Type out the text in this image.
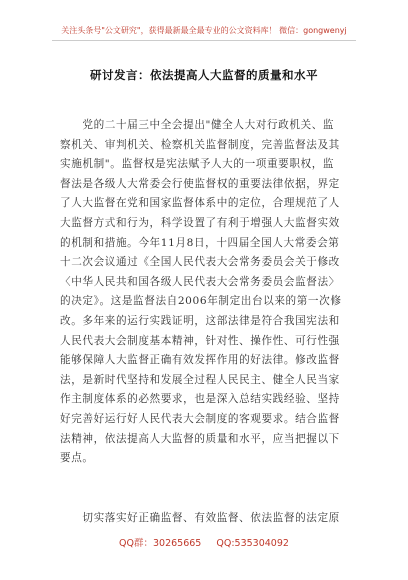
关注头条号"公文研究"，获得最新最全最专业的公文资料库！ 微信：gongwenyj
研讨发言：依法提高人大监督的质量和水平
　　党的二十届三中全会提出"健全人大对行政机关、监
察机关、审判机关、检察机关监督制度，完善监督法及其
实施机制"。监督权是宪法赋予人大的一项重要职权，监
督法是各级人大常委会行使监督权的重要法律依据，界定
了人大监督在党和国家监督体系中的定位，合理规范了人
大监督方式和行为，科学设置了有利于增强人大监督实效
的机制和措施。今年11月8日，十四届全国人大常委会第
十二次会议通过《全国人民代表大会常务委员会关于修改
〈中华人民共和国各级人民代表大会常务委员会监督法〉
的决定》。这是监督法自2006年制定出台以来的第一次修
改。多年来的运行实践证明，这部法律是符合我国宪法和
人民代表大会制度基本精神，针对性、操作性、可行性强
能够保障人大监督正确有效发挥作用的好法律。修改监督
法，是新时代坚持和发展全过程人民民主、健全人民当家
作主制度体系的必然要求，也是深入总结实践经验、坚持
好完善好运行好人民代表大会制度的客观要求。结合监督
法精神，依法提高人大监督的质量和水平，应当把握以下
要点。
　　切实落实好正确监督、有效监督、依法监督的法定原
QQ群：30265665 QQ:535304092
